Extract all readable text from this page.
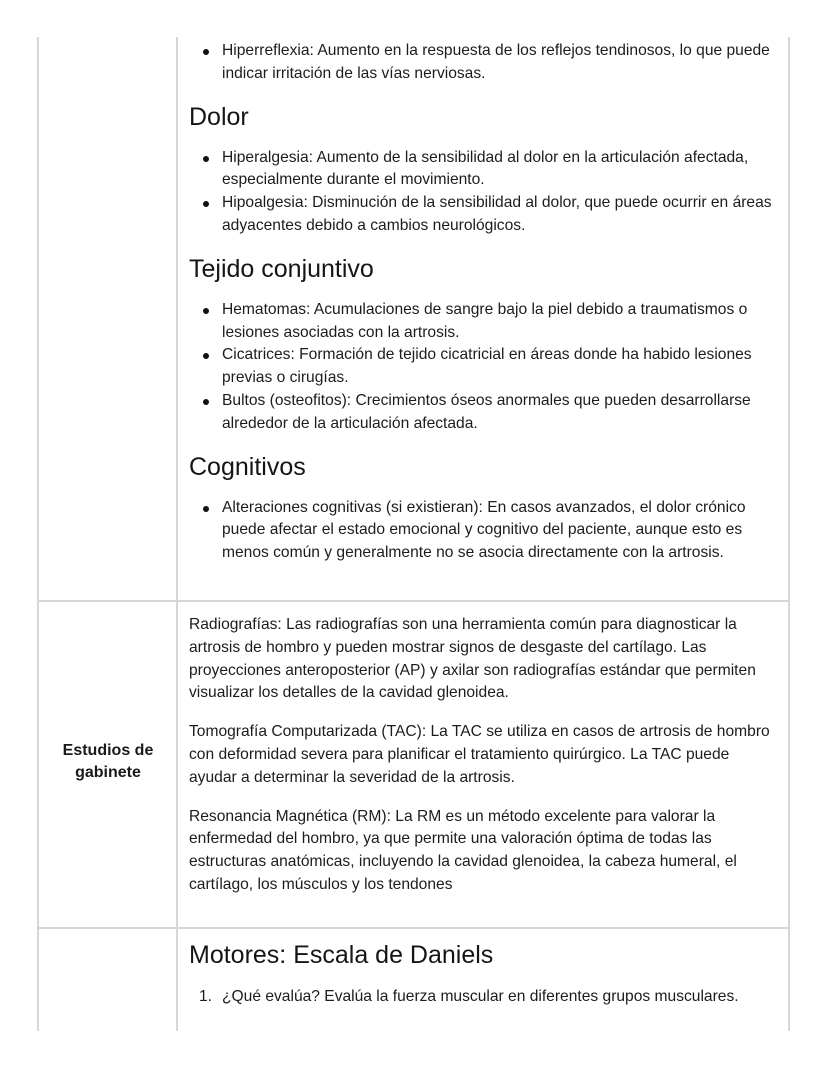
Hiperreflexia: Aumento en la respuesta de los reflejos tendinosos, lo que puede indicar irritación de las vías nerviosas.
Dolor
Hiperalgesia: Aumento de la sensibilidad al dolor en la articulación afectada, especialmente durante el movimiento.
Hipoalgesia: Disminución de la sensibilidad al dolor, que puede ocurrir en áreas adyacentes debido a cambios neurológicos.
Tejido conjuntivo
Hematomas: Acumulaciones de sangre bajo la piel debido a traumatismos o lesiones asociadas con la artrosis.
Cicatrices: Formación de tejido cicatricial en áreas donde ha habido lesiones previas o cirugías.
Bultos (osteofitos): Crecimientos óseos anormales que pueden desarrollarse alrededor de la articulación afectada.
Cognitivos
Alteraciones cognitivas (si existieran): En casos avanzados, el dolor crónico puede afectar el estado emocional y cognitivo del paciente, aunque esto es menos común y generalmente no se asocia directamente con la artrosis.
Estudios de gabinete

Radiografías: Las radiografías son una herramienta común para diagnosticar la artrosis de hombro y pueden mostrar signos de desgaste del cartílago. Las proyecciones anteroposterior (AP) y axilar son radiografías estándar que permiten visualizar los detalles de la cavidad glenoidea.

Tomografía Computarizada (TAC): La TAC se utiliza en casos de artrosis de hombro con deformidad severa para planificar el tratamiento quirúrgico. La TAC puede ayudar a determinar la severidad de la artrosis.

Resonancia Magnética (RM): La RM es un método excelente para valorar la enfermedad del hombro, ya que permite una valoración óptima de todas las estructuras anatómicas, incluyendo la cavidad glenoidea, la cabeza humeral, el cartílago, los músculos y los tendones

Motores: Escala de Daniels
1. ¿Qué evalúa? Evalúa la fuerza muscular en diferentes grupos musculares.
